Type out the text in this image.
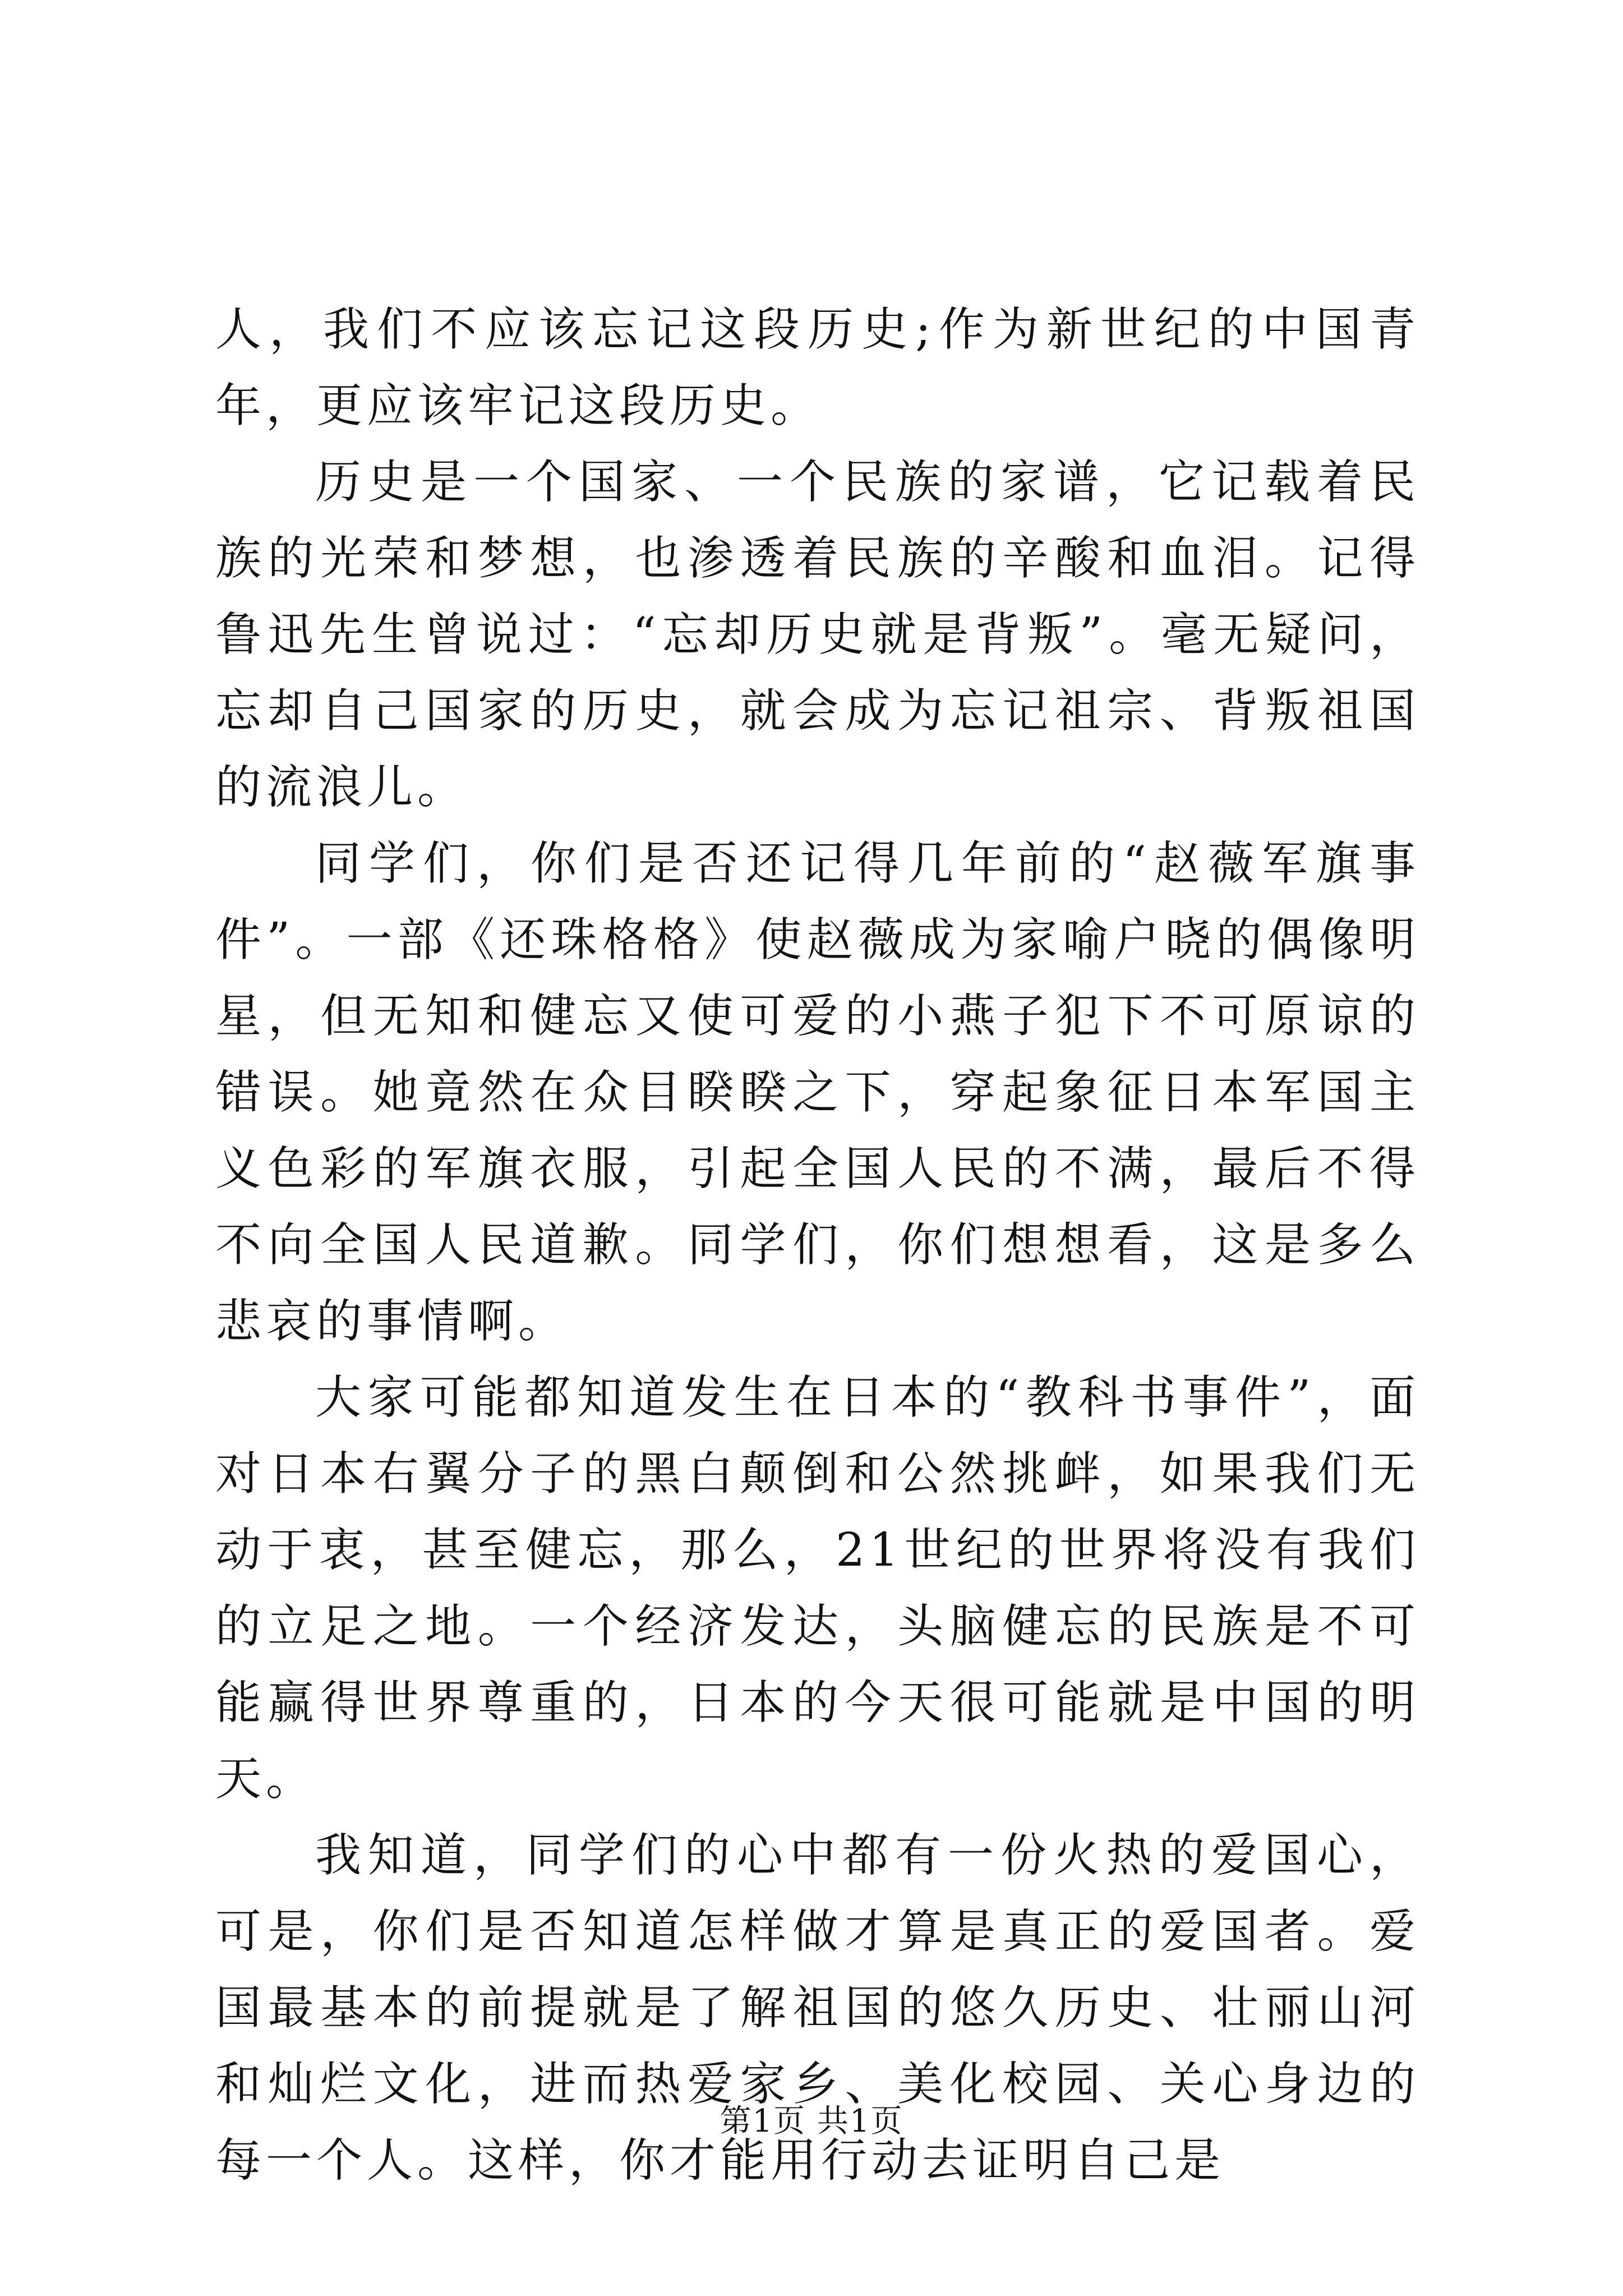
人，我们不应该忘记这段历史;作为新世纪的中国青年，更应该牢记这段历史。

历史是一个国家、一个民族的家谱，它记载着民族的光荣和梦想，也渗透着民族的辛酸和血泪。记得鲁迅先生曾说过：“忘却历史就是背叛”。毫无疑问，忘却自己国家的历史，就会成为忘记祖宗、背叛祖国的流浪儿。

同学们，你们是否还记得几年前的“赵薇军旗事件”。一部《还珠格格》使赵薇成为家喻户晓的偶像明星，但无知和健忘又使可爱的小燕子犯下不可原谅的错误。她竟然在众目睽睽之下，穿起象征日本军国主义色彩的军旗衣服，引起全国人民的不满，最后不得不向全国人民道歉。同学们，你们想想看，这是多么悲哀的事情啊。

大家可能都知道发生在日本的“教科书事件”，面对日本右翼分子的黑白颠倒和公然挑衅，如果我们无动于衷，甚至健忘，那么，21世纪的世界将没有我们的立足之地。一个经济发达，头脑健忘的民族是不可能赢得世界尊重的，日本的今天很可能就是中国的明天。

我知道，同学们的心中都有一份火热的爱国心，可是，你们是否知道怎样做才算是真正的爱国者。爱国最基本的前提就是了解祖国的悠久历史、壮丽山河和灿烂文化，进而热爱家乡、美化校园、关心身边的每一个人。这样，你才能用行动去证明自己是

第1页 共1页
